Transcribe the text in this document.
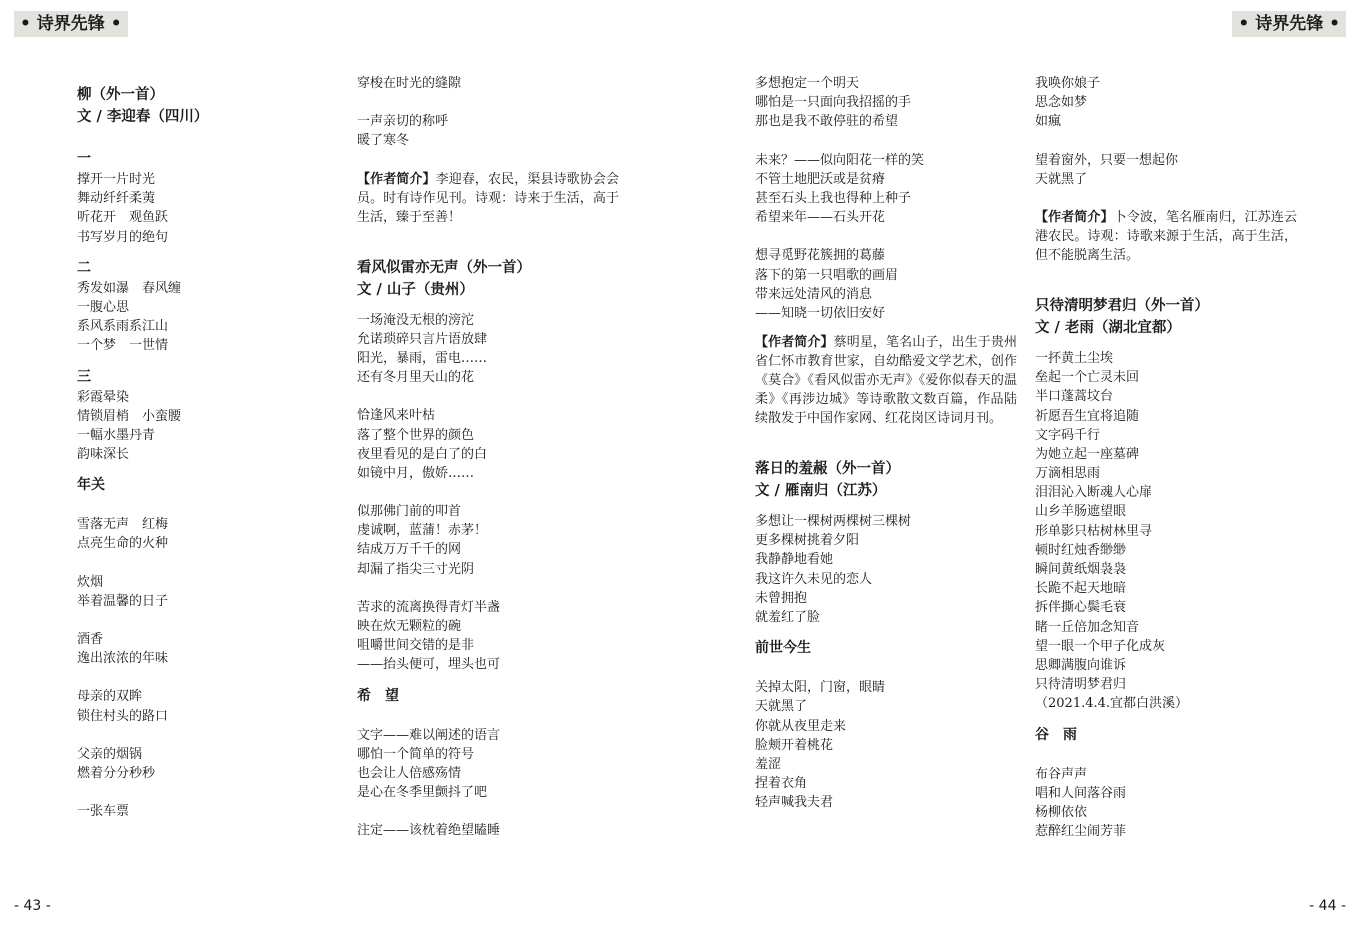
• 诗界先锋 •	• 诗界先锋 •
柳（外一首）
文 / 李迎春（四川）
一
撑开一片时光
舞动纤纤柔荑
听花开　观鱼跃
书写岁月的绝句
二
秀发如瀑　春风缠
一腹心思
系风系雨系江山
一个梦　一世情
三
彩霞晕染
情锁眉梢　小蛮腰
一幅水墨丹青
韵味深长
年关
雪落无声　红梅
点亮生命的火种
炊烟
举着温馨的日子
酒香
逸出浓浓的年味
母亲的双眸
锁住村头的路口
父亲的烟锅
燃着分分秒秒
一张车票
穿梭在时光的缝隙
一声亲切的称呼
暖了寒冬
【作者简介】李迎春，农民，渠县诗歌协会会员。时有诗作见刊。诗观：诗来于生活，高于生活，臻于至善！
看风似雷亦无声（外一首）
文 / 山子（贵州）
一场淹没无根的滂沱
允诺琐碎只言片语放肆
阳光，暴雨，雷电……
还有冬月里天山的花
恰逢风来叶枯
落了整个世界的颜色
夜里看见的是白了的白
如镜中月，傲娇……
似那佛门前的叩首
虔诚啊，蓝蒲！赤茅！
结成万万千千的网
却漏了指尖三寸光阴
苦求的流离换得青灯半盏
映在炊无颗粒的碗
咀嚼世间交错的是非
——抬头便可，埋头也可
希　望
文字——难以阐述的语言
哪怕一个简单的符号
也会让人倍感殇情
是心在冬季里颤抖了吧
注定——该枕着绝望瞌睡
多想抱定一个明天
哪怕是一只面向我招摇的手
那也是我不敢停驻的希望
未来？——似向阳花一样的笑
不管土地肥沃或是贫瘠
甚至石头上我也得种上种子
希望来年——石头开花
想寻觅野花簇拥的葛藤
落下的第一只唱歌的画眉
带来远处清风的消息
——知晓一切依旧安好
【作者简介】蔡明星，笔名山子，出生于贵州省仁怀市教育世家，自幼酷爱文学艺术，创作《莫合》《看风似雷亦无声》《爱你似春天的温柔》《再涉边城》等诗歌散文数百篇，作品陆续散发于中国作家网、红花岗区诗词月刊。
落日的羞赧（外一首）
文 / 雁南归（江苏）
多想让一棵树两棵树三棵树
更多棵树挑着夕阳
我静静地看她
我这许久未见的恋人
未曾拥抱
就羞红了脸
前世今生
关掉太阳，门窗，眼睛
天就黑了
你就从夜里走来
脸颊开着桃花
羞涩
捏着衣角
轻声喊我夫君
我唤你娘子
思念如梦
如瘋
望着窗外，只要一想起你
天就黑了
【作者简介】卜令波，笔名雁南归，江苏连云港农民。诗观：诗歌来源于生活，高于生活，但不能脱离生活。
只待清明梦君归（外一首）
文 / 老雨（湖北宜都）
一抔黄土尘埃
垒起一个亡灵未回
半口蓬蒿坟台
祈愿吾生宜将追随
文字码千行
为她立起一座墓碑
万滴相思雨
泪泪沁入断魂人心扉
山乡羊肠遮望眼
形单影只枯树林里寻
顿时红烛香缈缈
瞬间黄纸烟袅袅
长跪不起天地暗
拆伴撕心鬓毛衰
睹一丘倍加念知音
望一眼一个甲子化成灰
思卿满腹向谁诉
只待清明梦君归
（2021.4.4.宜都白洪溪）
谷　雨
布谷声声
唱和人间落谷雨
杨柳依依
惹醉红尘闹芳菲
- 43 -	- 44 -
